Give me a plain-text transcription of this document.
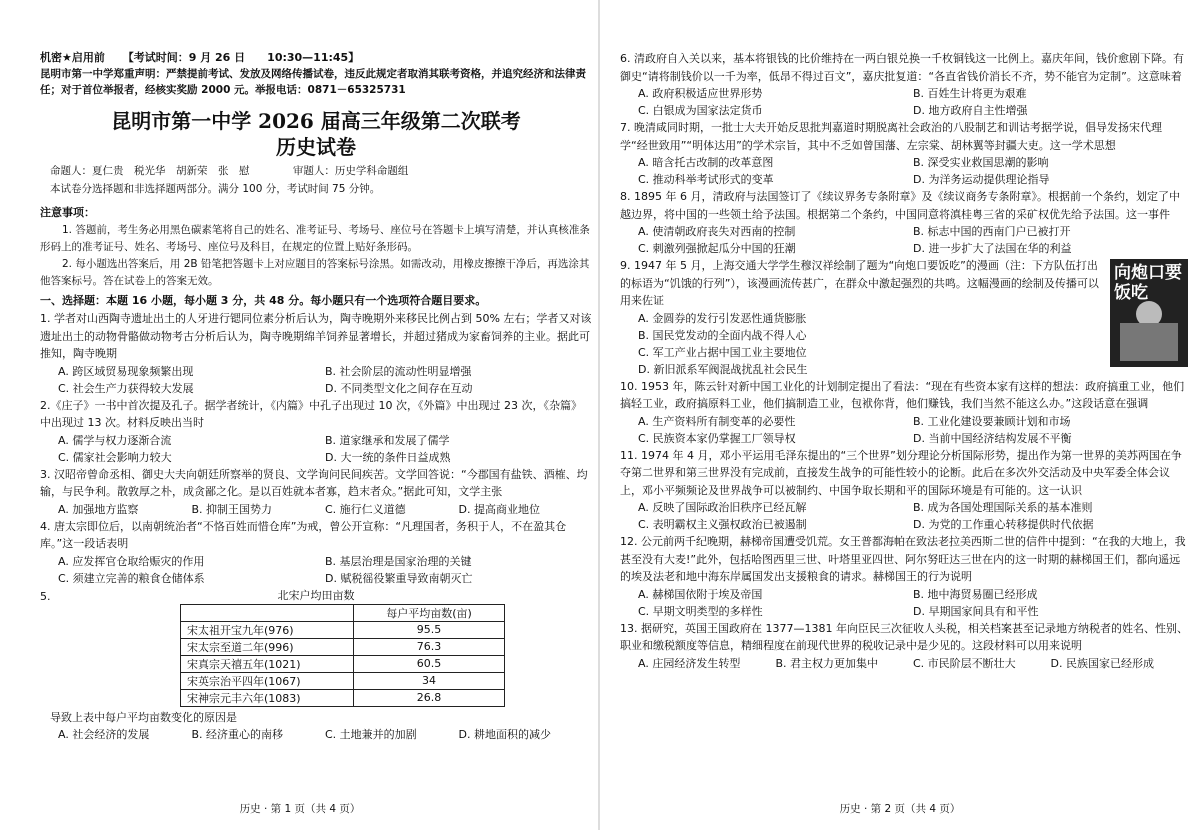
机密★启用前 【考试时间：9 月 26 日　　10:30—11:45】

昆明市第一中学郑重声明：严禁提前考试、发放及网络传播试卷，违反此规定者取消其联考资格，并追究经济和法律责任；对于首位举报者，经核实奖励 2000 元。举报电话：0871－65325731

昆明市第一中学 2026 届高三年级第二次联考

历史试卷

命题人：夏仁贵　税光华　胡新荣　张　慰	审题人：历史学科命题组

本试卷分选择题和非选择题两部分。满分 100 分，考试时间 75 分钟。

注意事项：

1. 答题前，考生务必用黑色碳素笔将自己的姓名、准考证号、考场号、座位号在答题卡上填写清楚，并认真核准条形码上的准考证号、姓名、考场号、座位号及科目，在规定的位置上贴好条形码。

2. 每小题选出答案后，用 2B 铅笔把答题卡上对应题目的答案标号涂黑。如需改动，用橡皮擦擦干净后，再选涂其他答案标号。答在试卷上的答案无效。

一、选择题：本题 16 小题，每小题 3 分，共 48 分。每小题只有一个选项符合题目要求。

1. 学者对山西陶寺遗址出土的人牙进行锶同位素分析后认为，陶寺晚期外来移民比例占到 50% 左右；学者又对该遗址出土的动物骨骼做动物考古分析后认为，陶寺晚期绵羊饲养显著增长，并超过猪成为家畜饲养的主业。据此可推知，陶寺晚期

A. 跨区域贸易现象频繁出现	B. 社会阶层的流动性明显增强
C. 社会生产力获得较大发展	D. 不同类型文化之间存在互动

2.《庄子》一书中首次提及孔子。据学者统计，《内篇》中孔子出现过 10 次，《外篇》中出现过 23 次，《杂篇》中出现过 13 次。材料反映出当时

A. 儒学与权力逐渐合流	B. 道家继承和发展了儒学
C. 儒家社会影响力较大	D. 大一统的条件日益成熟

3. 汉昭帝曾命丞相、御史大夫向朝廷所察举的贤良、文学询问民间疾苦。文学回答说：“今郡国有盐铁、酒榷、均输，与民争利。散敦厚之朴，成贪鄙之化。是以百姓就本者寡，趋末者众。”据此可知，文学主张

A. 加强地方监察	B. 抑制王国势力	C. 施行仁义道德	D. 提高商业地位

4. 唐太宗即位后，以南朝统治者“不恪百姓而惜仓库”为戒，曾公开宣称：“凡理国者，务积于人，不在盈其仓库。”这一段话表明

A. 应发挥官仓取给赈灾的作用	B. 基层治理是国家治理的关键
C. 须建立完善的粮食仓储体系	D. 赋税徭役繁重导致南朝灭亡
5.	北宋户均田亩数

	每户平均亩数(亩)
宋太祖开宝九年(976)	95.5
宋太宗至道二年(996)	76.3
宋真宗天禧五年(1021)	60.5
宋英宗治平四年(1067)	34
宋神宗元丰六年(1083)	26.8

导致上表中每户平均亩数变化的原因是

A. 社会经济的发展	B. 经济重心的南移	C. 土地兼并的加剧	D. 耕地面积的减少
历史 · 第 1 页（共 4 页）

6. 清政府自入关以来，基本将银钱的比价维持在一两白银兑换一千枚铜钱这一比例上。嘉庆年间，钱价愈剧下降。有御史“请将制钱价以一千为率，低昂不得过百文”，嘉庆批复道：“各直省钱价消长不齐，势不能官为定制”。这意味着

A. 政府积极适应世界形势	B. 百姓生计将更为艰难
C. 白银成为国家法定货币	D. 地方政府自主性增强

7. 晚清咸同时期，一批士大夫开始反思批判嘉道时期脱离社会政治的八股制艺和训诂考据学说，倡导发扬宋代理学“经世致用”“明体达用”的学术宗旨，其中不乏如曾国藩、左宗棠、胡林翼等封疆大吏。这一学术思想

A. 暗含托古改制的改革意图	B. 深受实业救国思潮的影响
C. 推动科举考试形式的变革	D. 为洋务运动提供理论指导

8. 1895 年 6 月，清政府与法国签订了《续议界务专条附章》及《续议商务专条附章》。根据前一个条约，划定了中越边界，将中国的一些领土给予法国。根据第二个条约，中国同意将滇桂粤三省的采矿权优先给予法国。这一事件

A. 使清朝政府丧失对西南的控制	B. 标志中国的西南门户已被打开
C. 刺激列强掀起瓜分中国的狂潮	D. 进一步扩大了法国在华的利益

9. 1947 年 5 月，上海交通大学学生穆汉祥绘制了题为“向炮口要饭吃”的漫画（注：下方队伍打出的标语为“饥饿的行列”），该漫画流传甚广，在群众中激起强烈的共鸣。这幅漫画的绘制及传播可以用来佐证

A. 金圆券的发行引发恶性通货膨胀

B. 国民党发动的全面内战不得人心

C. 军工产业占据中国工业主要地位

D. 新旧派系军阀混战扰乱社会民生

向炮口要饭吃

10. 1953 年，陈云针对新中国工业化的计划制定提出了看法：“现在有些资本家有这样的想法：政府搞重工业，他们搞轻工业，政府搞原料工业，他们搞制造工业，包袱你背，他们赚钱，我们当然不能这么办。”这段话意在强调

A. 生产资料所有制变革的必要性	B. 工业化建设要兼顾计划和市场
C. 民族资本家仍掌握工厂领导权	D. 当前中国经济结构发展不平衡

11. 1974 年 4 月，邓小平运用毛泽东提出的“三个世界”划分理论分析国际形势，提出作为第一世界的美苏两国在争夺第二世界和第三世界没有完成前，直接发生战争的可能性较小的论断。此后在多次外交活动及中央军委全体会议上，邓小平频频论及世界战争可以被制约、中国争取长期和平的国际环境是有可能的。这一认识

A. 反映了国际政治旧秩序已经瓦解	B. 成为各国处理国际关系的基本准则
C. 表明霸权主义强权政治已被遏制	D. 为党的工作重心转移提供时代依据

12. 公元前两千纪晚期，赫梯帝国遭受饥荒。女王普都海帕在致法老拉美西斯二世的信件中提到：“在我的大地上，我甚至没有大麦!”此外，包括哈图西里三世、叶塔里亚四世、阿尔努旺达三世在内的这一时期的赫梯国王们，都向遥远的埃及法老和地中海东岸属国发出支援粮食的请求。赫梯国王的行为说明

A. 赫梯国依附于埃及帝国	B. 地中海贸易圈已经形成
C. 早期文明类型的多样性	D. 早期国家间具有和平性

13. 据研究，英国王国政府在 1377—1381 年向臣民三次征收人头税，相关档案甚至记录地方纳税者的姓名、性别、职业和缴税额度等信息，精细程度在前现代世界的税收记录中是少见的。这段材料可以用来说明

A. 庄园经济发生转型	B. 君主权力更加集中	C. 市民阶层不断壮大	D. 民族国家已经形成
历史 · 第 2 页（共 4 页）
